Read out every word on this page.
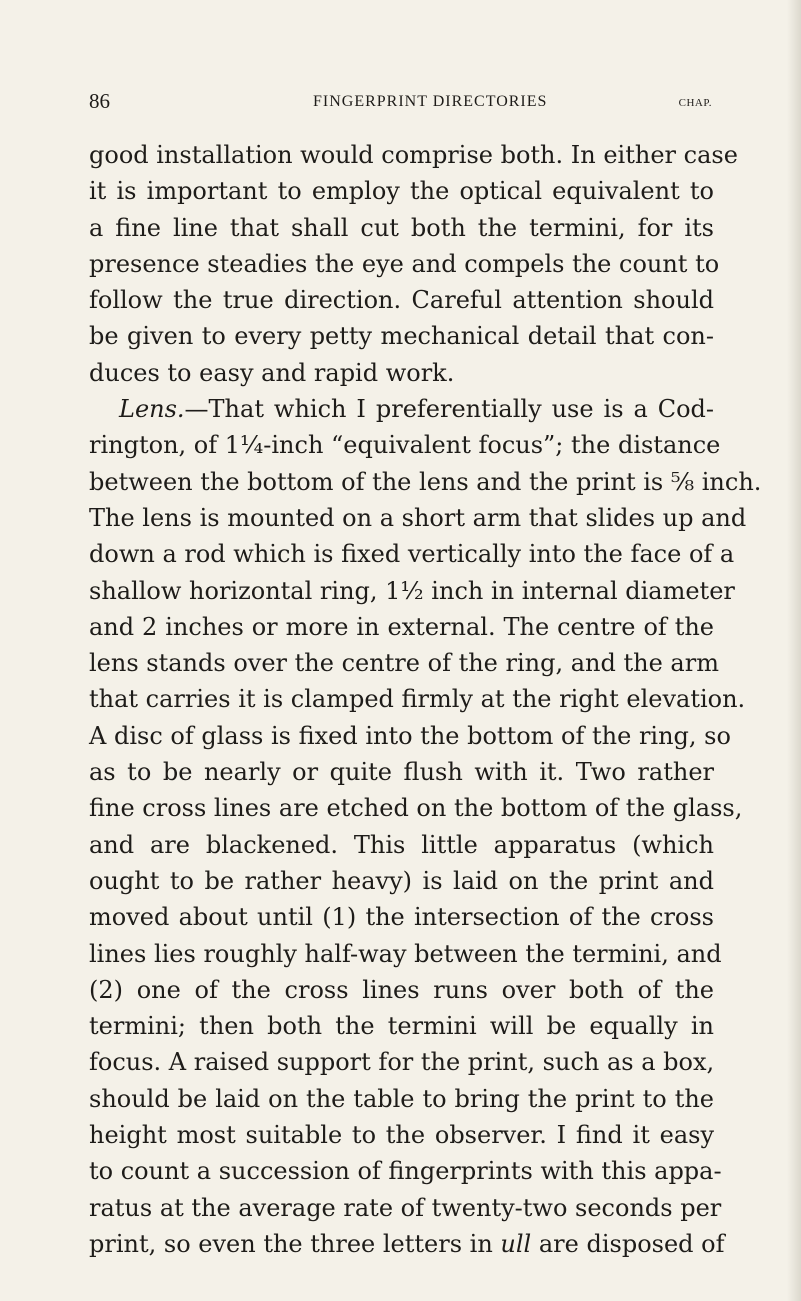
86	FINGERPRINT DIRECTORIES	CHAP.
good installation would comprise both. In either case
it is important to employ the optical equivalent to
a fine line that shall cut both the termini, for its
presence steadies the eye and compels the count to
follow the true direction. Careful attention should
be given to every petty mechanical detail that con-
duces to easy and rapid work.
Lens.—That which I preferentially use is a Cod-
rington, of 1¼-inch “equivalent focus”; the distance
between the bottom of the lens and the print is ⅝ inch.
The lens is mounted on a short arm that slides up and
down a rod which is fixed vertically into the face of a
shallow horizontal ring, 1½ inch in internal diameter
and 2 inches or more in external. The centre of the
lens stands over the centre of the ring, and the arm
that carries it is clamped firmly at the right elevation.
A disc of glass is fixed into the bottom of the ring, so
as to be nearly or quite flush with it. Two rather
fine cross lines are etched on the bottom of the glass,
and are blackened. This little apparatus (which
ought to be rather heavy) is laid on the print and
moved about until (1) the intersection of the cross
lines lies roughly half-way between the termini, and
(2) one of the cross lines runs over both of the
termini; then both the termini will be equally in
focus. A raised support for the print, such as a box,
should be laid on the table to bring the print to the
height most suitable to the observer. I find it easy
to count a succession of fingerprints with this appa-
ratus at the average rate of twenty-two seconds per
print, so even the three letters in ull are disposed of
